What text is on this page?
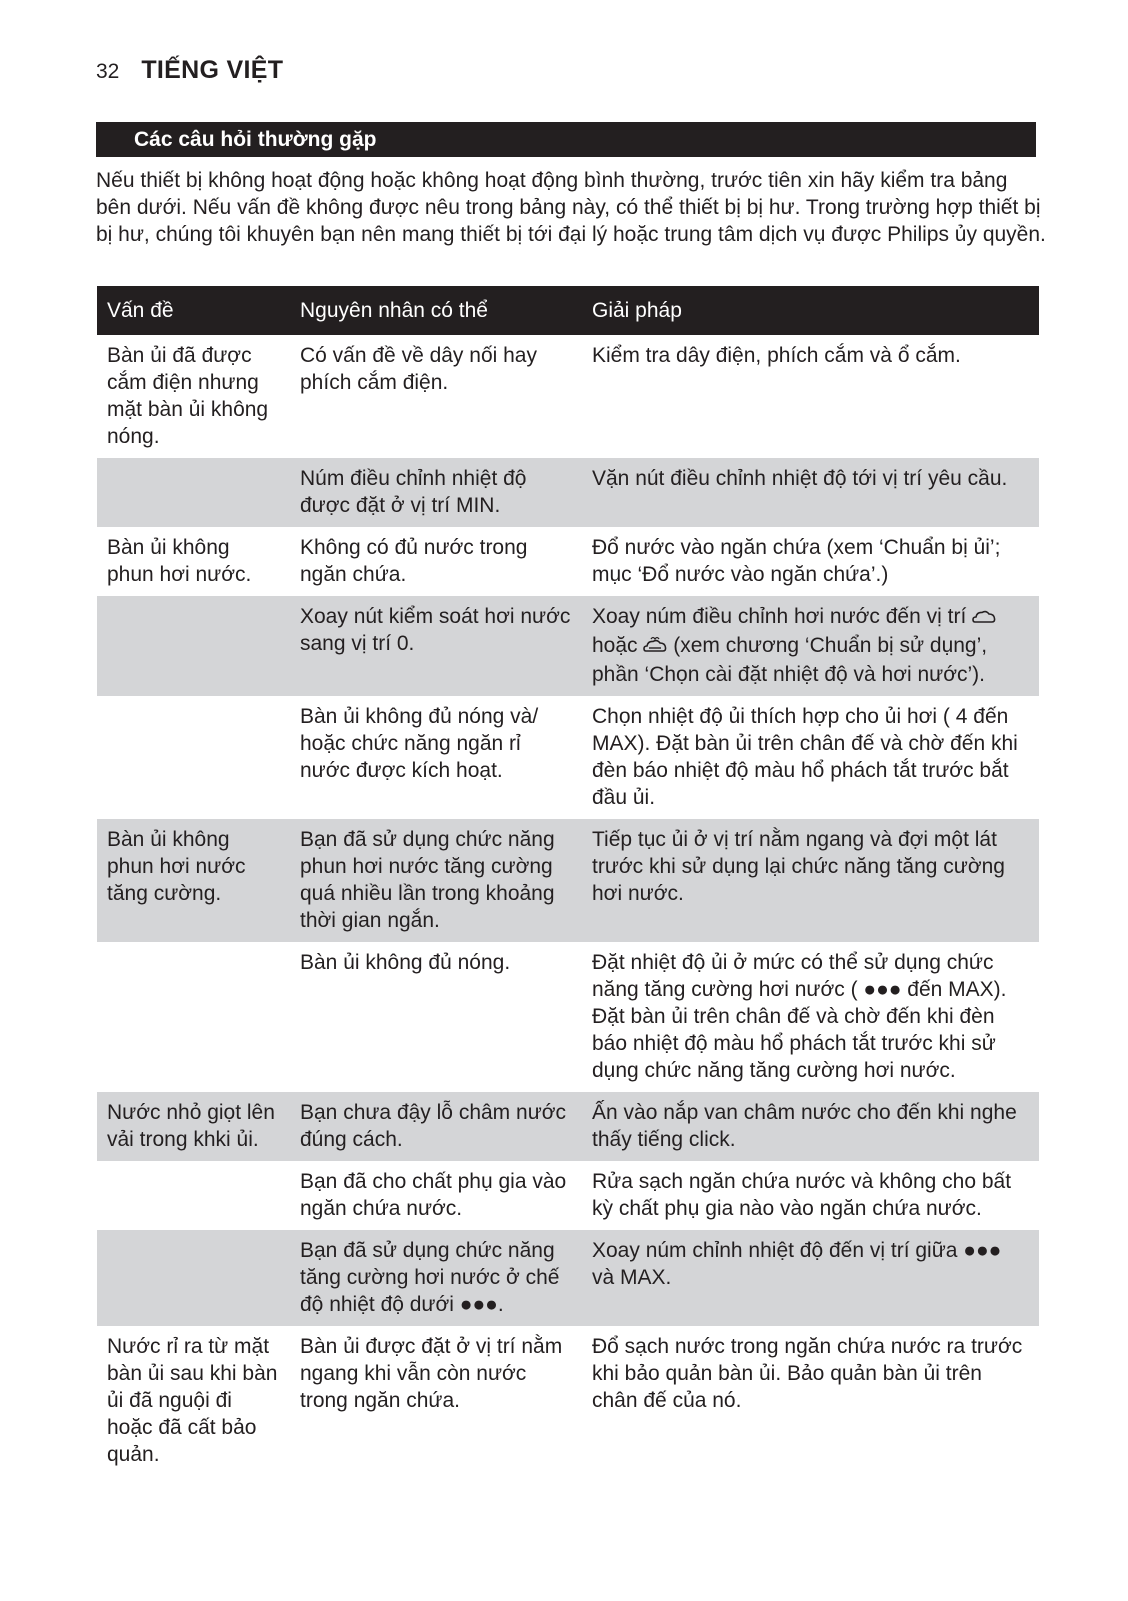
32 TIẾNG VIỆT
Các câu hỏi thường gặp

Nếu thiết bị không hoạt động hoặc không hoạt động bình thường, trước tiên xin hãy kiểm tra bảng bên dưới. Nếu vấn đề không được nêu trong bảng này, có thể thiết bị bị hư. Trong trường hợp thiết bị bị hư, chúng tôi khuyên bạn nên mang thiết bị tới đại lý hoặc trung tâm dịch vụ được Philips ủy quyền.

Vấn đề	Nguyên nhân có thể	Giải pháp
Bàn ủi đã được cắm điện nhưng mặt bàn ủi không nóng.	Có vấn đề về dây nối hay phích cắm điện.	Kiểm tra dây điện, phích cắm và ổ cắm.
	Núm điều chỉnh nhiệt độ được đặt ở vị trí MIN.	Vặn nút điều chỉnh nhiệt độ tới vị trí yêu cầu.
Bàn ủi không phun hơi nước.	Không có đủ nước trong ngăn chứa.	Đổ nước vào ngăn chứa (xem ‘Chuẩn bị ủi’; mục ‘Đổ nước vào ngăn chứa’.)
	Xoay nút kiểm soát hơi nước sang vị trí 0.	Xoay núm điều chỉnh hơi nước đến vị trí  hoặc (xem chương ‘Chuẩn bị sử dụng’, phần ‘Chọn cài đặt nhiệt độ và hơi nước’).
	Bàn ủi không đủ nóng và/ hoặc chức năng ngăn rỉ nước được kích hoạt.	Chọn nhiệt độ ủi thích hợp cho ủi hơi ( 4 đến MAX). Đặt bàn ủi trên chân đế và chờ đến khi đèn báo nhiệt độ màu hổ phách tắt trước bắt đầu ủi.
Bàn ủi không phun hơi nước tăng cường.	Bạn đã sử dụng chức năng phun hơi nước tăng cường quá nhiều lần trong khoảng thời gian ngắn.	Tiếp tục ủi ở vị trí nằm ngang và đợi một lát trước khi sử dụng lại chức năng tăng cường hơi nước.
	Bàn ủi không đủ nóng.	Đặt nhiệt độ ủi ở mức có thể sử dụng chức năng tăng cường hơi nước ( ●●● đến MAX). Đặt bàn ủi trên chân đế và chờ đến khi đèn báo nhiệt độ màu hổ phách tắt trước khi sử dụng chức năng tăng cường hơi nước.
Nước nhỏ giọt lên vải trong khki ủi.	Bạn chưa đậy lỗ châm nước đúng cách.	Ấn vào nắp van châm nước cho đến khi nghe thấy tiếng click.
	Bạn đã cho chất phụ gia vào ngăn chứa nước.	Rửa sạch ngăn chứa nước và không cho bất kỳ chất phụ gia nào vào ngăn chứa nước.
	Bạn đã sử dụng chức năng tăng cường hơi nước ở chế độ nhiệt độ dưới ●●●.	Xoay núm chỉnh nhiệt độ đến vị trí giữa ●●● và MAX.
Nước rỉ ra từ mặt bàn ủi sau khi bàn ủi đã nguội đi hoặc đã cất bảo quản.	Bàn ủi được đặt ở vị trí nằm ngang khi vẫn còn nước trong ngăn chứa.	Đổ sạch nước trong ngăn chứa nước ra trước khi bảo quản bàn ủi. Bảo quản bàn ủi trên chân đế của nó.
